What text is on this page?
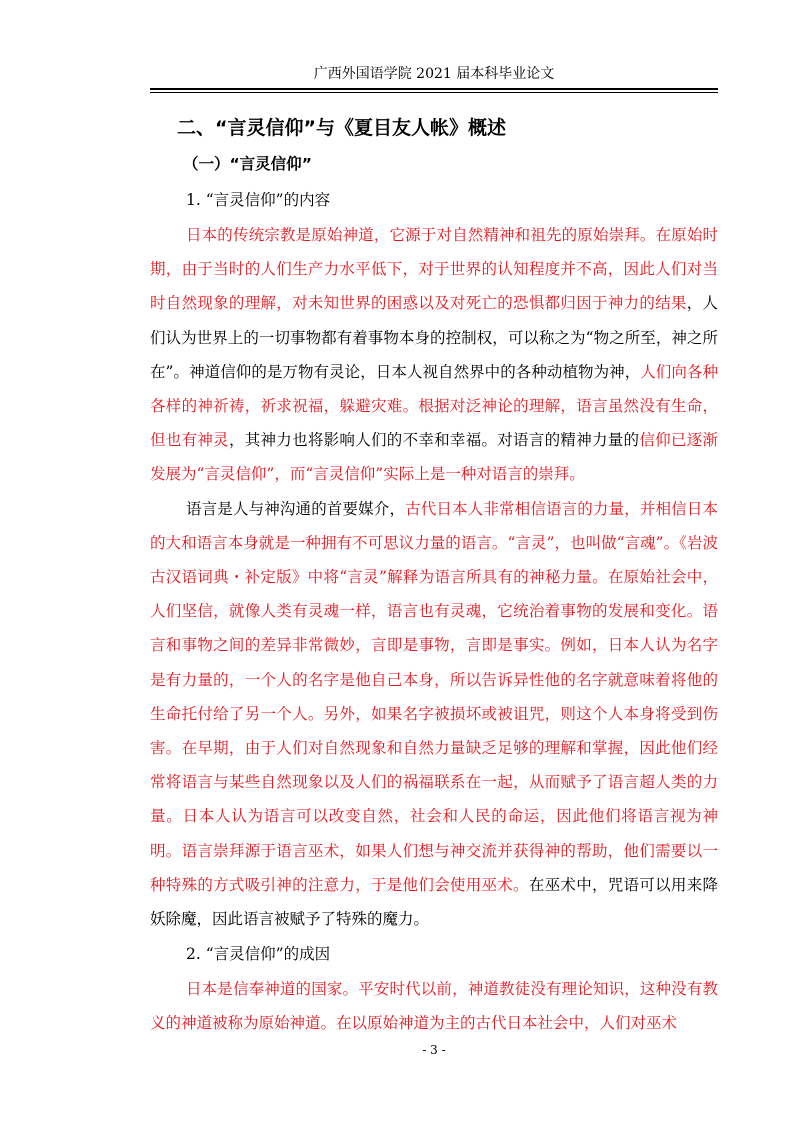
广西外国语学院 2021 届本科毕业论文
二、“言灵信仰”与《夏目友人帐》概述
（一）“言灵信仰”
1. “言灵信仰”的内容

日本的传统宗教是原始神道，它源于对自然精神和祖先的原始崇拜。在原始时期，由于当时的人们生产力水平低下，对于世界的认知程度并不高，因此人们对当时自然现象的理解，对未知世界的困惑以及对死亡的恐惧都归因于神力的结果，人们认为世界上的一切事物都有着事物本身的控制权，可以称之为“物之所至，神之所在”。神道信仰的是万物有灵论，日本人视自然界中的各种动植物为神，人们向各种各样的神祈祷，祈求祝福，躲避灾难。根据对泛神论的理解，语言虽然没有生命，但也有神灵，其神力也将影响人们的不幸和幸福。对语言的精神力量的信仰已逐渐发展为“言灵信仰”，而“言灵信仰”实际上是一种对语言的崇拜。

语言是人与神沟通的首要媒介，古代日本人非常相信语言的力量，并相信日本的大和语言本身就是一种拥有不可思议力量的语言。“言灵”，也叫做“言魂”。《岩波古汉语词典・补定版》中将“言灵”解释为语言所具有的神秘力量。在原始社会中，人们坚信，就像人类有灵魂一样，语言也有灵魂，它统治着事物的发展和变化。语言和事物之间的差异非常微妙，言即是事物，言即是事实。例如，日本人认为名字是有力量的，一个人的名字是他自己本身，所以告诉异性他的名字就意味着将他的生命托付给了另一个人。另外，如果名字被损坏或被诅咒，则这个人本身将受到伤害。在早期，由于人们对自然现象和自然力量缺乏足够的理解和掌握，因此他们经常将语言与某些自然现象以及人们的祸福联系在一起，从而赋予了语言超人类的力量。日本人认为语言可以改变自然，社会和人民的命运，因此他们将语言视为神明。语言崇拜源于语言巫术，如果人们想与神交流并获得神的帮助，他们需要以一种特殊的方式吸引神的注意力，于是他们会使用巫术。在巫术中，咒语可以用来降妖除魔，因此语言被赋予了特殊的魔力。

2. “言灵信仰”的成因

日本是信奉神道的国家。平安时代以前，神道教徒没有理论知识，这种没有教义的神道被称为原始神道。在以原始神道为主的古代日本社会中，人们对巫术

- 3 -
